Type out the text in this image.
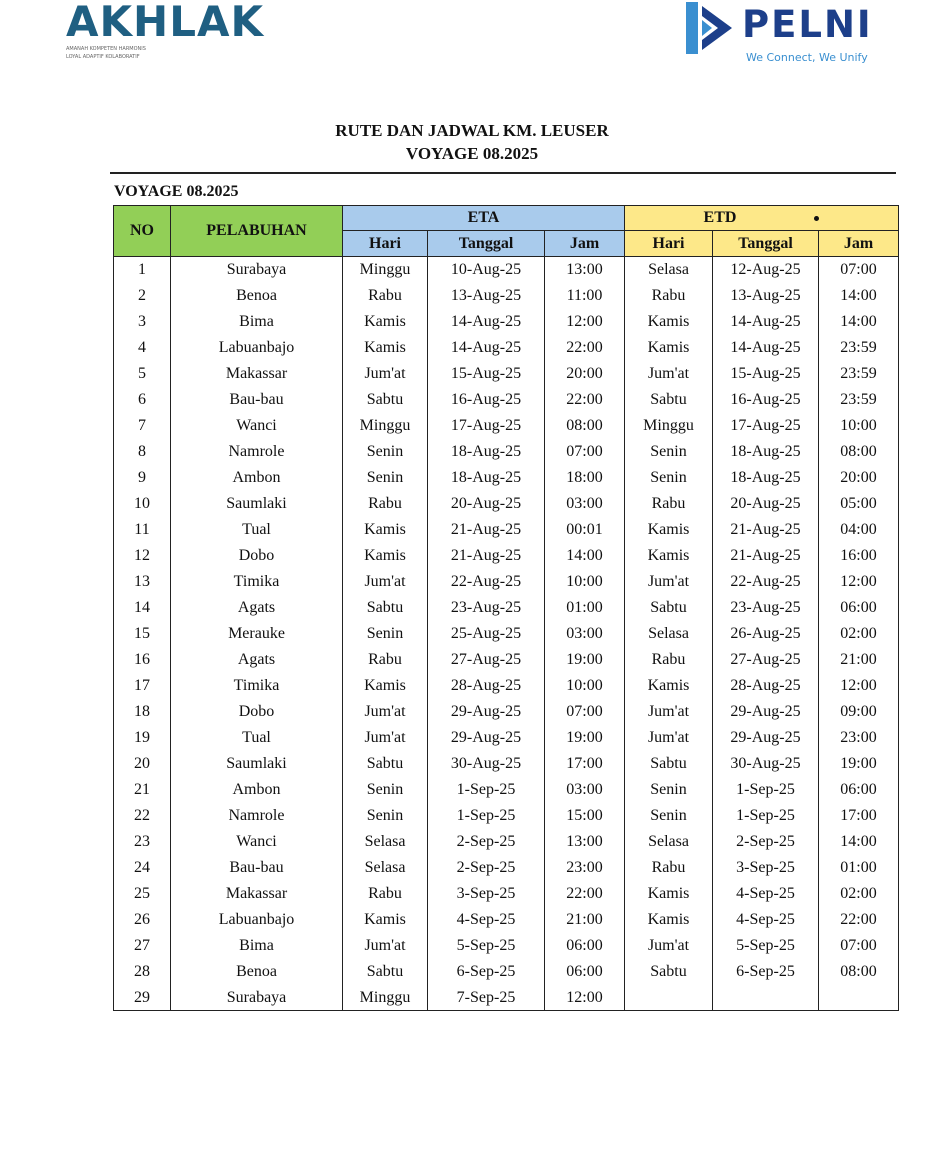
AKHLAK
AMANAH KOMPETEN HARMONIS
LOYAL ADAPTIF KOLABORATIF
PELNI
We Connect, We Unify
RUTE DAN JADWAL KM. LEUSER
VOYAGE 08.2025
VOYAGE 08.2025
NO	PELABUHAN	ETA			ETD		
		Hari	Tanggal	Jam	Hari	Tanggal	Jam
1	Surabaya	Minggu	10-Aug-25	13:00	Selasa	12-Aug-25	07:00
2	Benoa	Rabu	13-Aug-25	11:00	Rabu	13-Aug-25	14:00
3	Bima	Kamis	14-Aug-25	12:00	Kamis	14-Aug-25	14:00
4	Labuanbajo	Kamis	14-Aug-25	22:00	Kamis	14-Aug-25	23:59
5	Makassar	Jum'at	15-Aug-25	20:00	Jum'at	15-Aug-25	23:59
6	Bau-bau	Sabtu	16-Aug-25	22:00	Sabtu	16-Aug-25	23:59
7	Wanci	Minggu	17-Aug-25	08:00	Minggu	17-Aug-25	10:00
8	Namrole	Senin	18-Aug-25	07:00	Senin	18-Aug-25	08:00
9	Ambon	Senin	18-Aug-25	18:00	Senin	18-Aug-25	20:00
10	Saumlaki	Rabu	20-Aug-25	03:00	Rabu	20-Aug-25	05:00
11	Tual	Kamis	21-Aug-25	00:01	Kamis	21-Aug-25	04:00
12	Dobo	Kamis	21-Aug-25	14:00	Kamis	21-Aug-25	16:00
13	Timika	Jum'at	22-Aug-25	10:00	Jum'at	22-Aug-25	12:00
14	Agats	Sabtu	23-Aug-25	01:00	Sabtu	23-Aug-25	06:00
15	Merauke	Senin	25-Aug-25	03:00	Selasa	26-Aug-25	02:00
16	Agats	Rabu	27-Aug-25	19:00	Rabu	27-Aug-25	21:00
17	Timika	Kamis	28-Aug-25	10:00	Kamis	28-Aug-25	12:00
18	Dobo	Jum'at	29-Aug-25	07:00	Jum'at	29-Aug-25	09:00
19	Tual	Jum'at	29-Aug-25	19:00	Jum'at	29-Aug-25	23:00
20	Saumlaki	Sabtu	30-Aug-25	17:00	Sabtu	30-Aug-25	19:00
21	Ambon	Senin	1-Sep-25	03:00	Senin	1-Sep-25	06:00
22	Namrole	Senin	1-Sep-25	15:00	Senin	1-Sep-25	17:00
23	Wanci	Selasa	2-Sep-25	13:00	Selasa	2-Sep-25	14:00
24	Bau-bau	Selasa	2-Sep-25	23:00	Rabu	3-Sep-25	01:00
25	Makassar	Rabu	3-Sep-25	22:00	Kamis	4-Sep-25	02:00
26	Labuanbajo	Kamis	4-Sep-25	21:00	Kamis	4-Sep-25	22:00
27	Bima	Jum'at	5-Sep-25	06:00	Jum'at	5-Sep-25	07:00
28	Benoa	Sabtu	6-Sep-25	06:00	Sabtu	6-Sep-25	08:00
29	Surabaya	Minggu	7-Sep-25	12:00			
